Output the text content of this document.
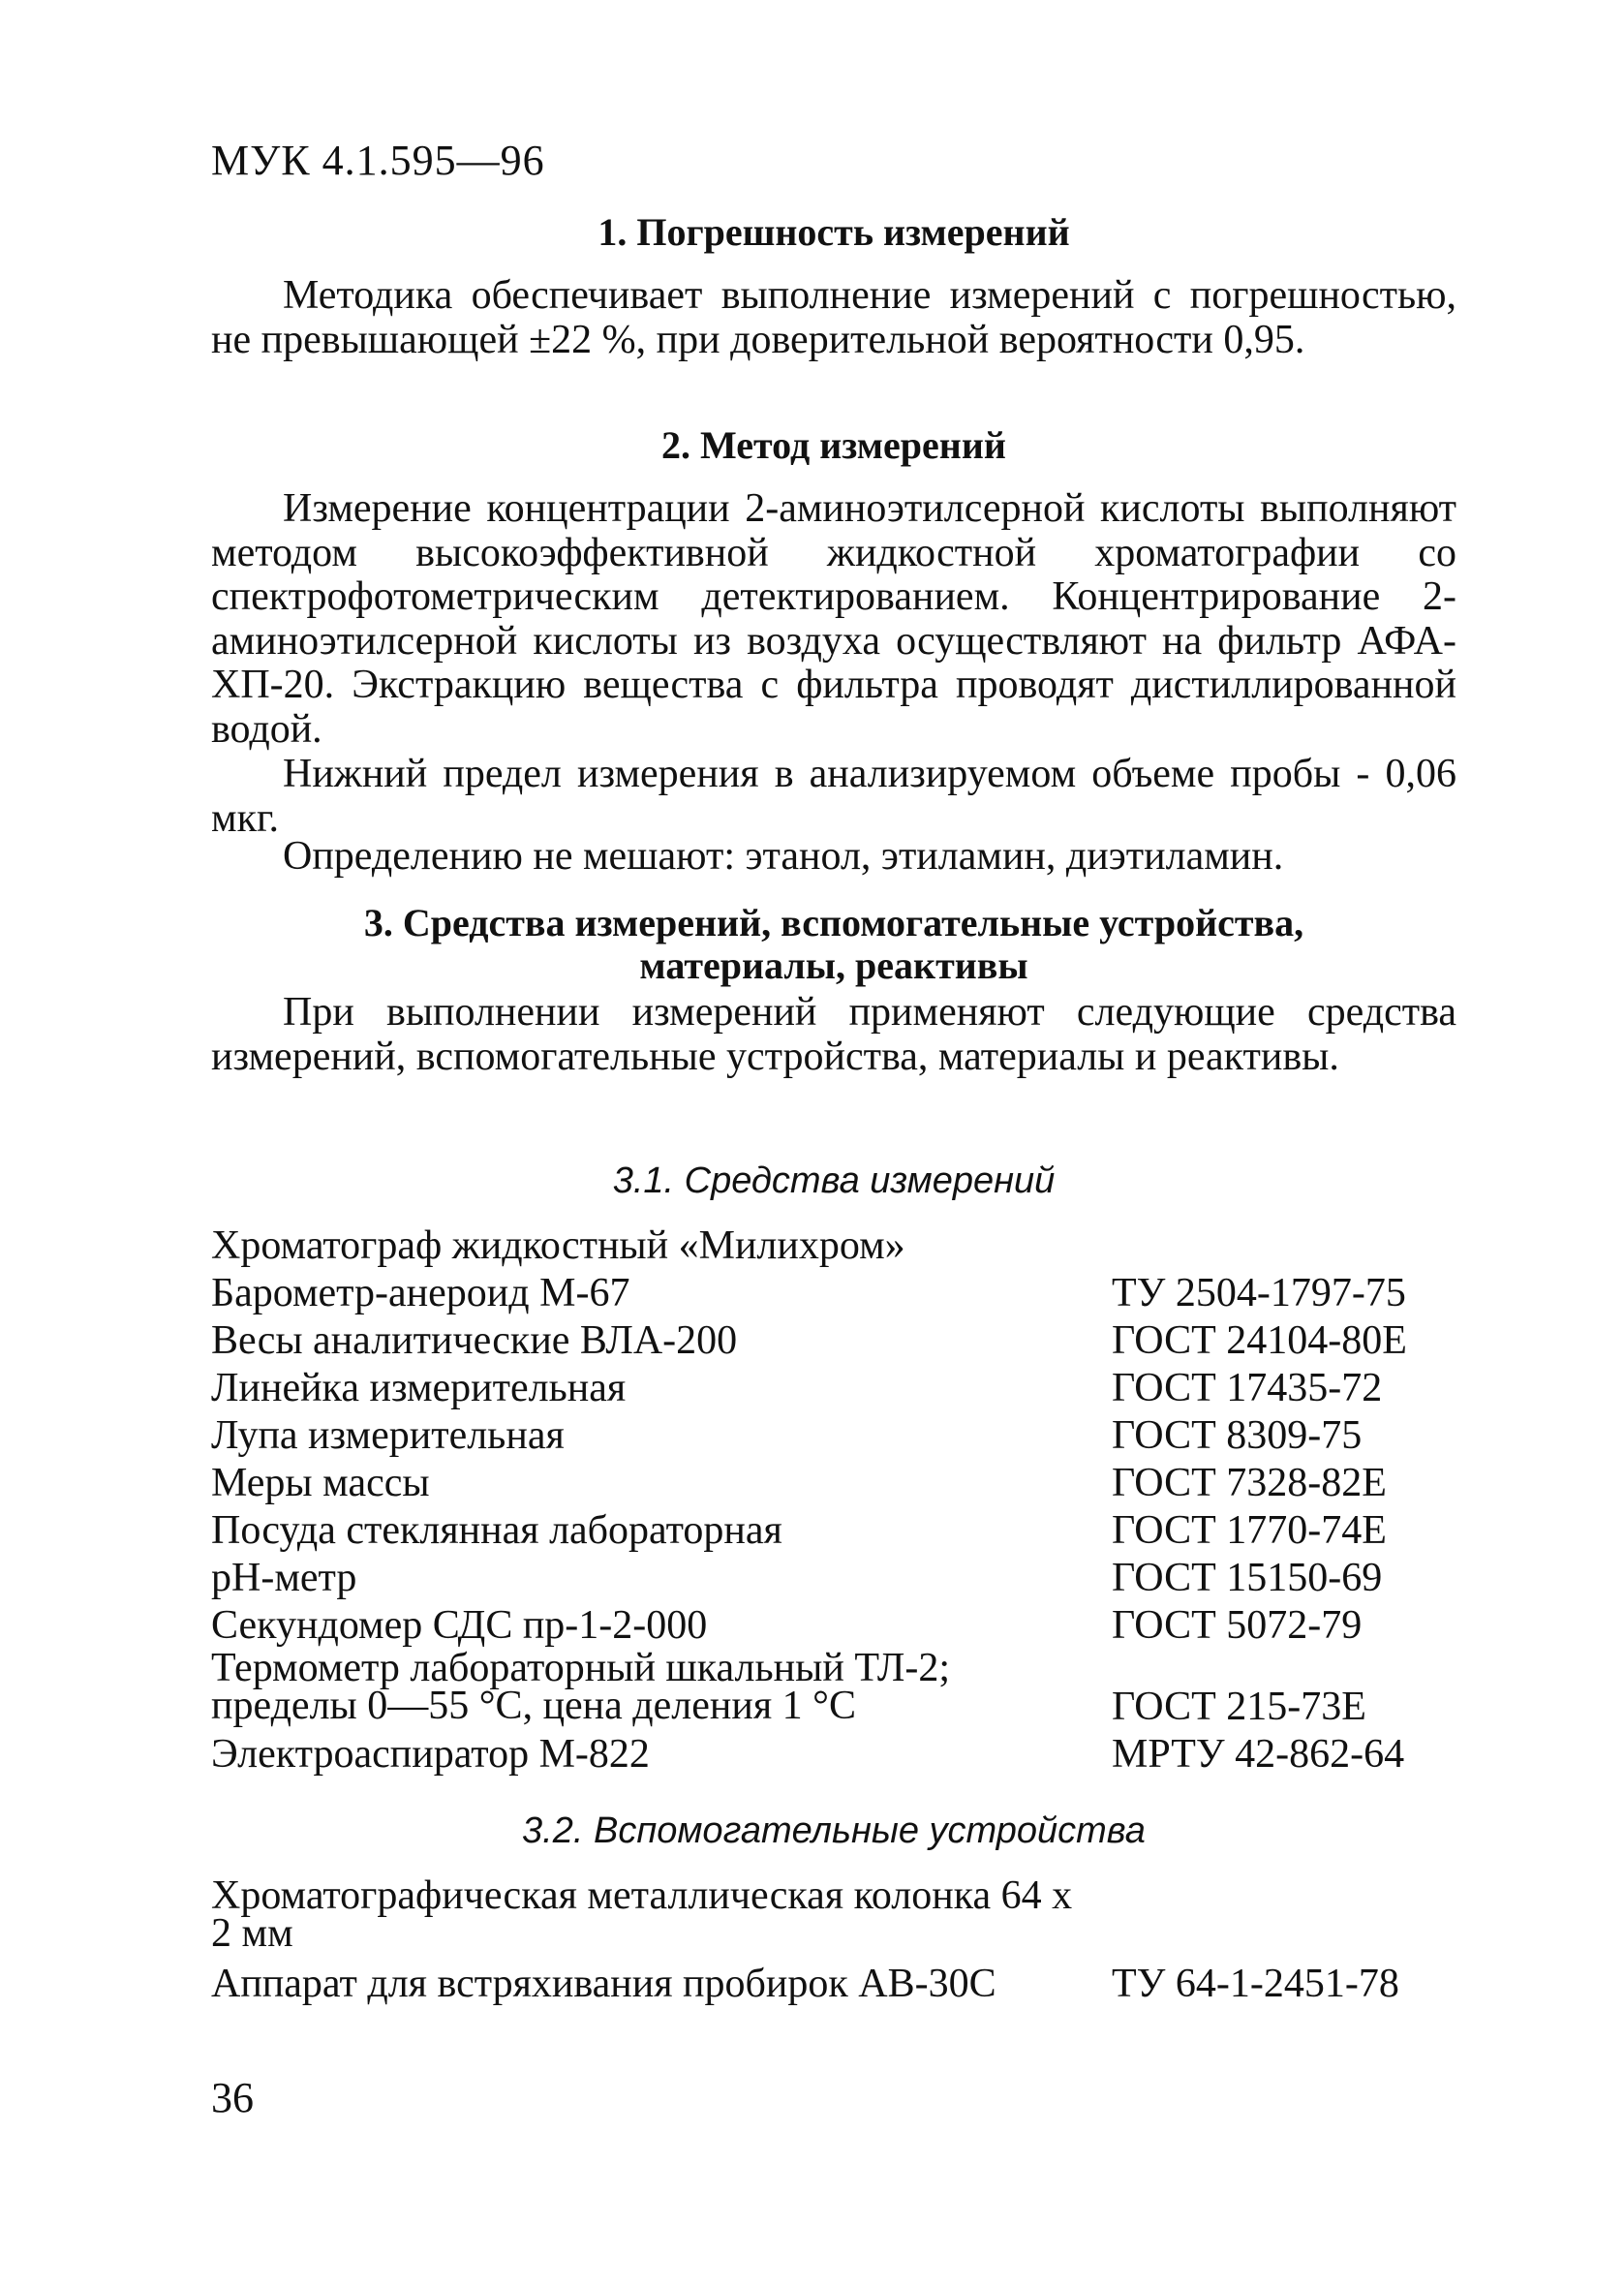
МУК 4.1.595—96
1. Погрешность измерений
Методика обеспечивает выполнение измерений с погрешностью, не превышающей ±22 %, при доверительной вероятности 0,95.
2. Метод измерений
Измерение концентрации 2-аминоэтилсерной кислоты выполняют методом высокоэффективной жидкостной хроматографии со спектрофотометрическим детектированием. Концентрирование 2-аминоэтилсерной кислоты из воздуха осуществляют на фильтр АФА-ХП-20. Экстракцию вещества с фильтра проводят дистиллированной водой.
Нижний предел измерения в анализируемом объеме пробы - 0,06 мкг.
Определению не мешают: этанол, этиламин, диэтиламин.
3. Средства измерений, вспомогательные устройства,
материалы, реактивы
При выполнении измерений применяют следующие средства измерений, вспомогательные устройства, материалы и реактивы.
3.1. Средства измерений
Хроматограф жидкостный «Милихром»
Барометр-анероид М-67	ТУ 2504-1797-75
Весы аналитические ВЛА-200	ГОСТ 24104-80Е
Линейка измерительная	ГОСТ 17435-72
Лупа измерительная	ГОСТ 8309-75
Меры массы	ГОСТ 7328-82Е
Посуда стеклянная лабораторная	ГОСТ 1770-74Е
рН-метр	ГОСТ 15150-69
Секундомер СДС пр-1-2-000	ГОСТ 5072-79
Термометр лабораторный шкальный ТЛ-2; пределы 0—55 °С, цена деления 1 °С	ГОСТ 215-73Е
Электроаспиратор М-822	МРТУ 42-862-64
3.2. Вспомогательные устройства
Хроматографическая металлическая колонка 64 х 2 мм
Аппарат для встряхивания пробирок АВ-30С	ТУ 64-1-2451-78
36
